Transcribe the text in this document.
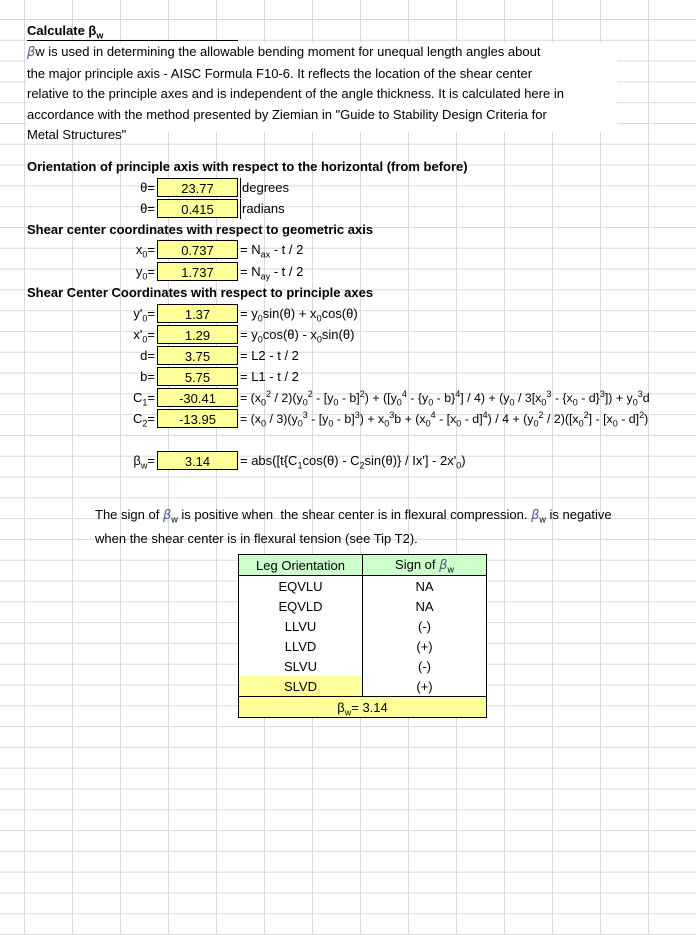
Calculate $\beta_w$
βw is used in determining the allowable bending moment for unequal length angles about
the major principle axis - AISC Formula F10-6. It reflects the location of the shear center
relative to the principle axes and is independent of the angle thickness. It is calculated here in
accordance with the method presented by Ziemian in "Guide to Stability Design Criteria for
Metal Structures"
Orientation of principle axis with respect to the horizontal (from before)
θ=	23.77	degrees
θ=	0.415	radians
Shear center coordinates with respect to geometric axis
$x_0=$	0.737	= $N_{ax}$ - t / 2
$y_0=$	1.737	= $N_{ay}$ - t / 2
Shear Center Coordinates with respect to principle axes
$y'_0=$	1.37	= $y_0\sin(\theta) + x_0\cos(\theta)$
$x'_0=$	1.29	= $y_0\cos(\theta) - x_0\sin(\theta)$
d=	3.75	= L2 - t / 2
b=	5.75	= L1 - t / 2
$C_1=$	-30.41	= $(x_0^2 / 2)(y_0^2 - [y_0 - b]^2) + ([y_0^4 - \{y_0 - b\}^4] / 4) + (y_0 / 3[x_0^3 - \{x_0 - d\}^3]) + y_0^3d$
$C_2=$	-13.95	= $(x_0 / 3)(y_0^3 - [y_0 - b]^3) + x_0^3b + (x_0^4 - [x_0 - d]^4) / 4 + (y_0^2 / 2)([x_0^2] - [x_0 - d]^2)$
$\beta_w=$	3.14	= $abs([t\{C_1\cos(\theta) - C_2\sin(\theta)\} / Ix'] - 2x'_0)$
The sign of $\beta_w$ is positive when  the shear center is in flexural compression. $\beta_w$ is negative when the shear center is in flexural tension (see Tip T2).
Leg Orientation	Sign of $\beta_w$
EQVLU	NA
EQVLD	NA
LLVU	(-)
LLVD	(+)
SLVU	(-)
SLVD	(+)
$\beta_w= 3.14$	
